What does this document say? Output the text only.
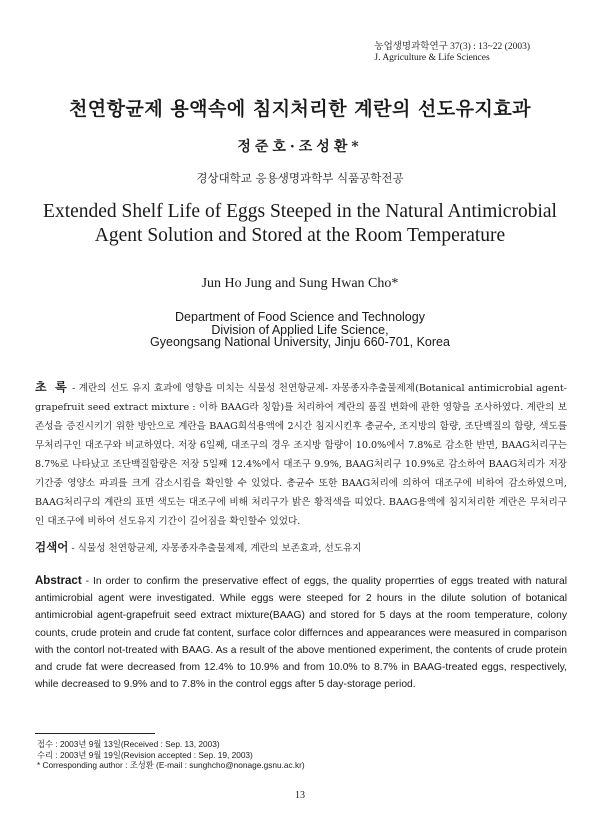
농업생명과학연구 37(3) : 13~22 (2003)
J. Agriculture & Life Sciences
천연항균제 용액속에 침지처리한 계란의 선도유지효과
정준호·조성환*
경상대학교 응용생명과학부 식품공학전공
Extended Shelf Life of Eggs Steeped in the Natural Antimicrobial Agent Solution and Stored at the Room Temperature
Jun Ho Jung and Sung Hwan Cho*
Department of Food Science and Technology
Division of Applied Life Science,
Gyeongsang National University, Jinju 660-701, Korea
초 록 - 계란의 선도 유지 효과에 영향을 미치는 식물성 천연항균제- 자몽종자추출물제제(Botanical antimicrobial agent-grapefruit seed extract mixture : 이하 BAAG라 칭함)를 처리하여 계란의 품질 변화에 관한 영향을 조사하였다. 계란의 보존성을 증진시키기 위한 방안으로 계란을 BAAG희석용액에 2시간 침지시킨후 총균수, 조지방의 함량, 조단백질의 함량, 색도를 무처리구인 대조구와 비교하였다. 저장 6일째, 대조구의 경우 조지방 함량이 10.0%에서 7.8%로 감소한 반면, BAAG처리구는 8.7%로 나타났고 조단백질함량은 저장 5일째 12.4%에서 대조구 9.9%, BAAG처리구 10.9%로 감소하여 BAAG처리가 저장기간중 영양소 파괴를 크게 감소시킴을 확인할 수 있었다. 총균수 또한 BAAG처리에 의하여 대조구에 비하여 감소하였으며, BAAG처리구의 계란의 표면 색도는 대조구에 비해 처리구가 밝은 황적색을 띠었다. BAAG용액에 침지처리한 계란은 무처리구인 대조구에 비하여 선도유지 기간이 길어짐을 확인할수 있었다.
검색어 - 식물성 천연항균제, 자몽종자추출물제제, 계란의 보존효과, 선도유지
Abstract - In order to confirm the preservative effect of eggs, the quality properrties of eggs treated with natural antimicrobial agent were investigated. While eggs were steeped for 2 hours in the dilute solution of botanical antimicrobial agent-grapefruit seed extract mixture(BAAG) and stored for 5 days at the room temperature, colony counts, crude protein and crude fat content, surface color differnces and appearances were measured in comparison with the contorl not-treated with BAAG. As a result of the above mentioned experiment, the contents of crude protein and crude fat were decreased from 12.4% to 10.9% and from 10.0% to 8.7% in BAAG-treated eggs, respectively, while decreased to 9.9% and to 7.8% in the control eggs after 5 day-storage period.
접수 : 2003년 9월 13일(Received : Sep. 13, 2003)
수리 : 2003년 9월 19일(Revision accepted : Sep. 19, 2003)
* Corresponding author : 조성환 (E-mail : sunghcho@nonage.gsnu.ac.kr)
13
